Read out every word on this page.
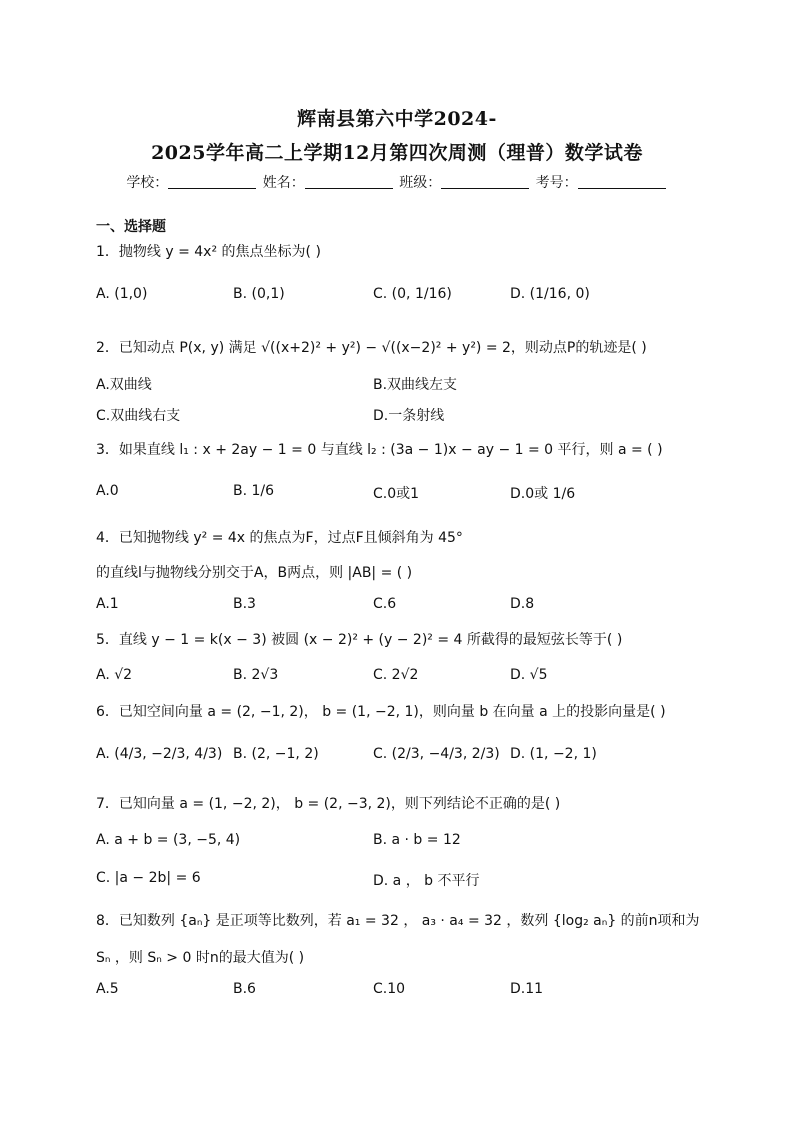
辉南县第六中学2024-
2025学年高二上学期12月第四次周测（理普）数学试卷
学校：	姓名：	班级：	考号：
一、选择题
1．抛物线 y = 4x² 的焦点坐标为( )
A. (1,0)	B. (0,1)	C. (0, 1/16)	D. (1/16, 0)
2．已知动点 P(x, y) 满足 √((x+2)² + y²) − √((x−2)² + y²) = 2，则动点P的轨迹是( )
A.双曲线	B.双曲线左支
C.双曲线右支	D.一条射线
3．如果直线 l₁ : x + 2ay − 1 = 0 与直线 l₂ : (3a − 1)x − ay − 1 = 0 平行，则 a = ( )
A.0	B. 1/6	C.0或1	D.0或 1/6
4．已知抛物线 y² = 4x 的焦点为F，过点F且倾斜角为 45°
的直线l与抛物线分别交于A，B两点，则 |AB| = ( )
A.1	B.3	C.6	D.8
5．直线 y − 1 = k(x − 3) 被圆 (x − 2)² + (y − 2)² = 4 所截得的最短弦长等于( )
A. √2	B. 2√3	C. 2√2	D. √5
6．已知空间向量 a = (2, −1, 2)， b = (1, −2, 1)，则向量 b 在向量 a 上的投影向量是( )
A. (4/3, −2/3, 4/3) B. (2, −1, 2)	C. (2/3, −4/3, 2/3) D. (1, −2, 1)
7．已知向量 a = (1, −2, 2)， b = (2, −3, 2)，则下列结论不正确的是( )
A. a + b = (3, −5, 4)	B. a · b = 12
C. |a − 2b| = 6	D. a ， b 不平行
8．已知数列 {aₙ} 是正项等比数列，若 a₁ = 32 ， a₃ · a₄ = 32 ，数列 {log₂ aₙ} 的前n项和为
Sₙ ，则 Sₙ > 0 时n的最大值为( )
A.5	B.6	C.10	D.11
